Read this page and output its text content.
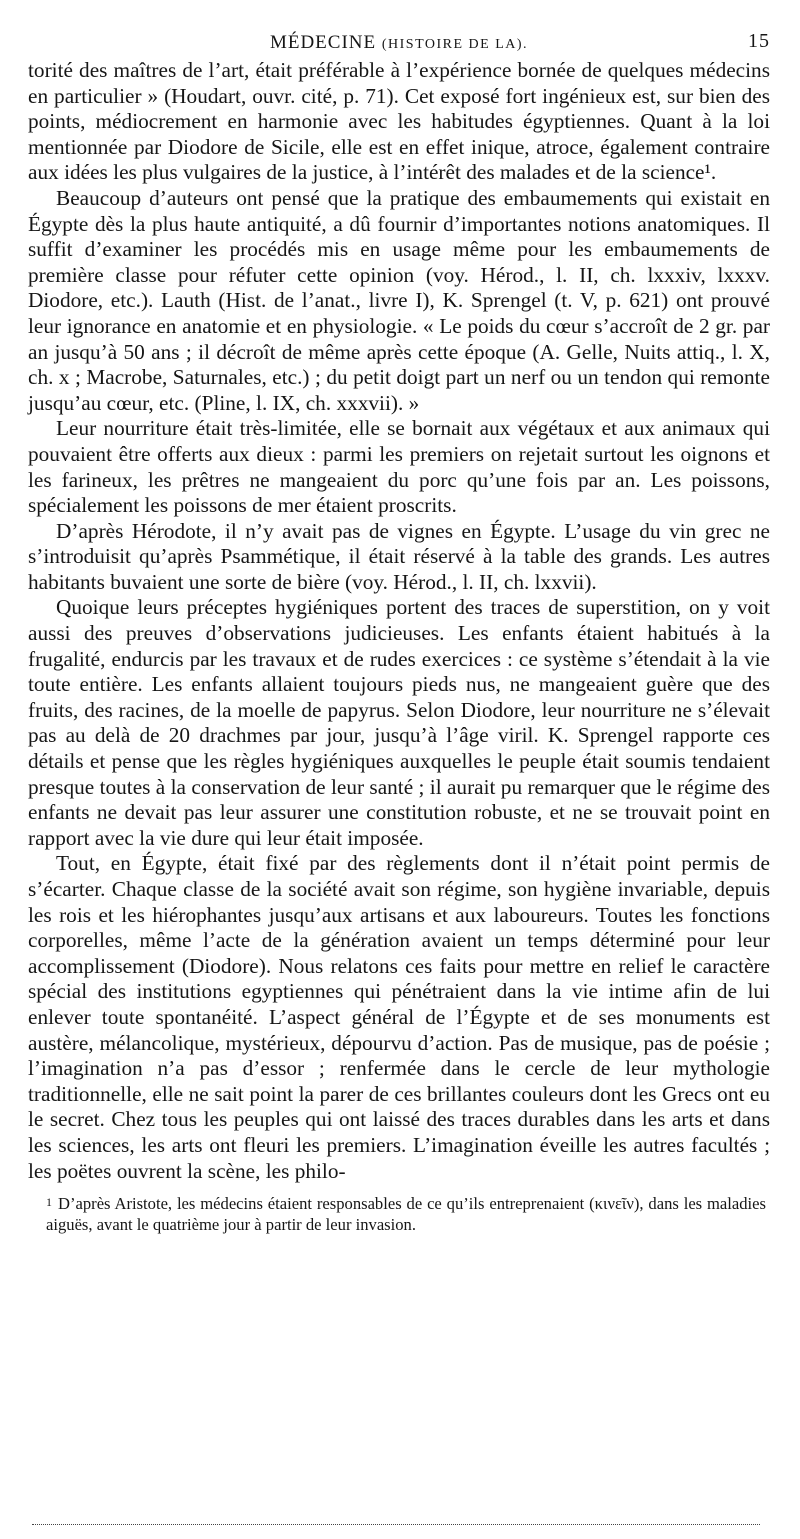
MÉDECINE (HISTOIRE DE LA).	15

torité des maîtres de l’art, était préférable à l’expérience bornée de quelques médecins en particulier » (Houdart, ouvr. cité, p. 71). Cet exposé fort ingénieux est, sur bien des points, médiocrement en harmonie avec les habitudes égyptiennes. Quant à la loi mentionnée par Diodore de Sicile, elle est en effet inique, atroce, également contraire aux idées les plus vulgaires de la justice, à l’intérêt des malades et de la science¹.

Beaucoup d’auteurs ont pensé que la pratique des embaumements qui existait en Égypte dès la plus haute antiquité, a dû fournir d’importantes notions anatomiques. Il suffit d’examiner les procédés mis en usage même pour les embaumements de première classe pour réfuter cette opinion (voy. Hérod., l. II, ch. lxxxiv, lxxxv. Diodore, etc.). Lauth (Hist. de l’anat., livre I), K. Sprengel (t. V, p. 621) ont prouvé leur ignorance en anatomie et en physiologie. « Le poids du cœur s’accroît de 2 gr. par an jusqu’à 50 ans ; il décroît de même après cette époque (A. Gelle, Nuits attiq., l. X, ch. x ; Macrobe, Saturnales, etc.) ; du petit doigt part un nerf ou un tendon qui remonte jusqu’au cœur, etc. (Pline, l. IX, ch. xxxvii). »

Leur nourriture était très-limitée, elle se bornait aux végétaux et aux animaux qui pouvaient être offerts aux dieux : parmi les premiers on rejetait surtout les oignons et les farineux, les prêtres ne mangeaient du porc qu’une fois par an. Les poissons, spécialement les poissons de mer étaient proscrits.

D’après Hérodote, il n’y avait pas de vignes en Égypte. L’usage du vin grec ne s’introduisit qu’après Psammétique, il était réservé à la table des grands. Les autres habitants buvaient une sorte de bière (voy. Hérod., l. II, ch. lxxvii).

Quoique leurs préceptes hygiéniques portent des traces de superstition, on y voit aussi des preuves d’observations judicieuses. Les enfants étaient habitués à la frugalité, endurcis par les travaux et de rudes exercices : ce système s’étendait à la vie toute entière. Les enfants allaient toujours pieds nus, ne mangeaient guère que des fruits, des racines, de la moelle de papyrus. Selon Diodore, leur nourriture ne s’élevait pas au delà de 20 drachmes par jour, jusqu’à l’âge viril. K. Sprengel rapporte ces détails et pense que les règles hygiéniques auxquelles le peuple était soumis tendaient presque toutes à la conservation de leur santé ; il aurait pu remarquer que le régime des enfants ne devait pas leur assurer une constitution robuste, et ne se trouvait point en rapport avec la vie dure qui leur était imposée.

Tout, en Égypte, était fixé par des règlements dont il n’était point permis de s’écarter. Chaque classe de la société avait son régime, son hygiène invariable, depuis les rois et les hiérophantes jusqu’aux artisans et aux laboureurs. Toutes les fonctions corporelles, même l’acte de la génération avaient un temps déterminé pour leur accomplissement (Diodore). Nous relatons ces faits pour mettre en relief le caractère spécial des institutions egyptiennes qui pénétraient dans la vie intime afin de lui enlever toute spontanéité. L’aspect général de l’Égypte et de ses monuments est austère, mélancolique, mystérieux, dépourvu d’action. Pas de musique, pas de poésie ; l’imagination n’a pas d’essor ; renfermée dans le cercle de leur mythologie traditionnelle, elle ne sait point la parer de ces brillantes couleurs dont les Grecs ont eu le secret. Chez tous les peuples qui ont laissé des traces durables dans les arts et dans les sciences, les arts ont fleuri les premiers. L’imagination éveille les autres facultés ; les poëtes ouvrent la scène, les philo-

1 D’après Aristote, les médecins étaient responsables de ce qu’ils entreprenaient (κινεῖν), dans les maladies aiguës, avant le quatrième jour à partir de leur invasion.
